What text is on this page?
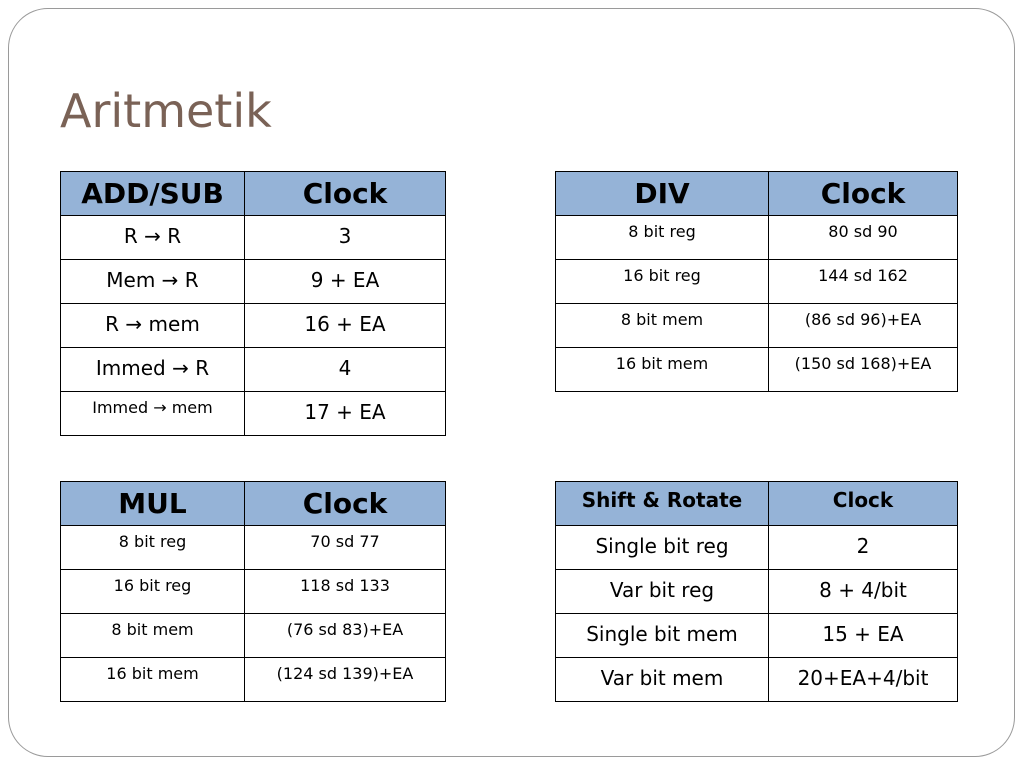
Aritmetik
ADD/SUB	Clock
R → R	3
Mem → R	9 + EA
R → mem	16 + EA
Immed → R	4
Immed → mem	17 + EA
DIV	Clock
8 bit reg	80 sd 90
16 bit reg	144 sd 162
8 bit mem	(86 sd 96)+EA
16 bit mem	(150 sd 168)+EA
MUL	Clock
8 bit reg	70 sd 77
16 bit reg	118 sd 133
8 bit mem	(76 sd 83)+EA
16 bit mem	(124 sd 139)+EA
Shift & Rotate	Clock
Single bit reg	2
Var bit reg	8 + 4/bit
Single bit mem	15 + EA
Var bit mem	20+EA+4/bit
